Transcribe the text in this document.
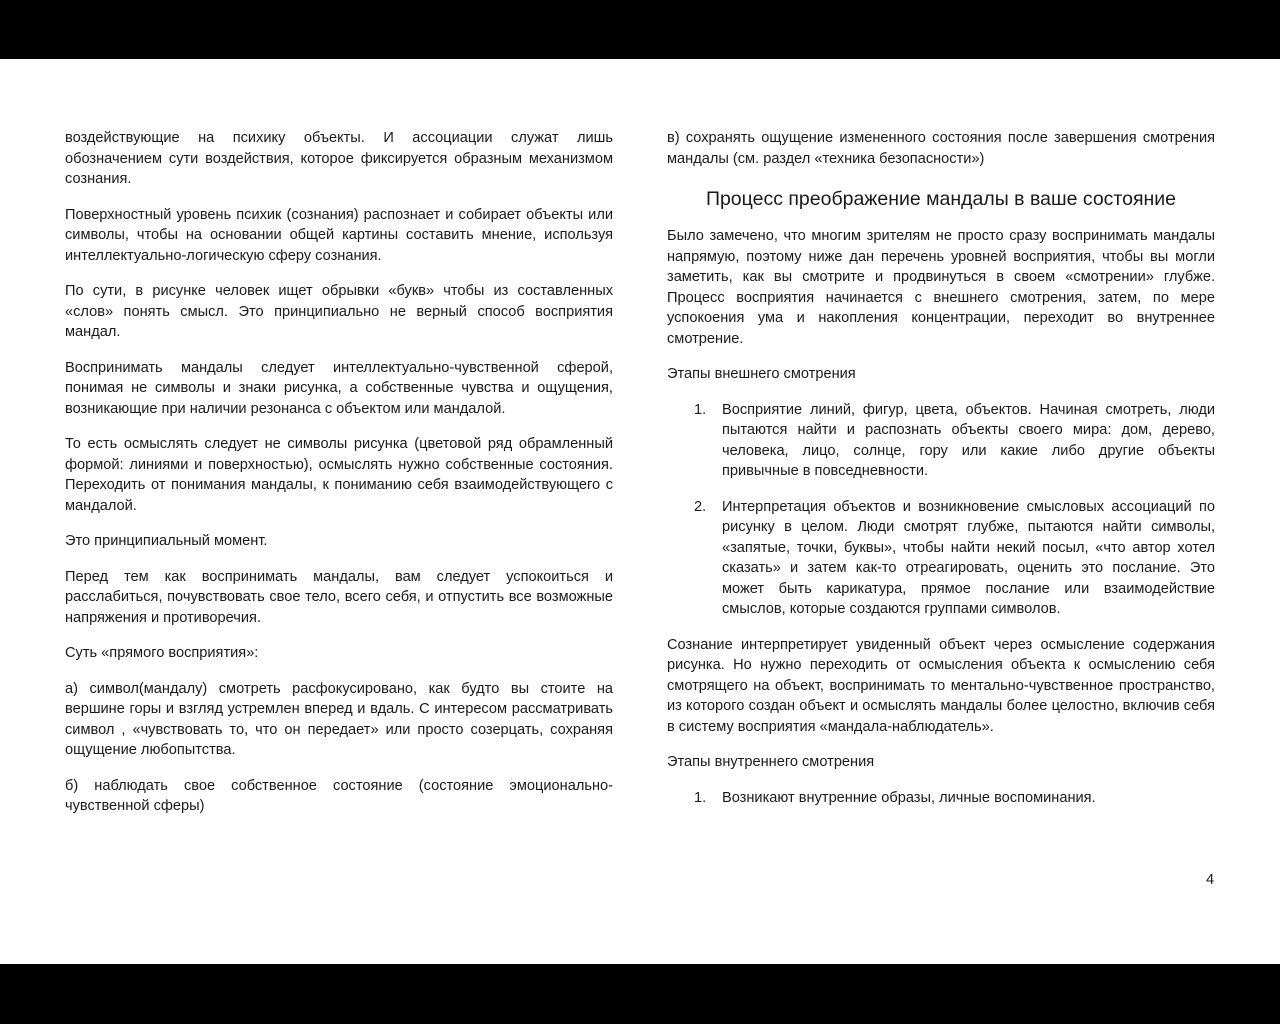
воздействующие на психику объекты. И ассоциации служат лишь обозначением сути воздействия, которое фиксируется образным механизмом сознания.

Поверхностный уровень психик (сознания) распознает и собирает объекты или символы, чтобы на основании общей картины составить мнение, используя интеллектуально-логическую сферу сознания.

По сути, в рисунке человек ищет обрывки «букв» чтобы из составленных «слов» понять смысл. Это принципиально не верный способ восприятия мандал.

Воспринимать мандалы следует интеллектуально-чувственной сферой, понимая не символы и знаки рисунка, а собственные чувства и ощущения, возникающие при наличии резонанса с объектом или мандалой.

То есть осмыслять следует не символы рисунка (цветовой ряд обрамленный формой: линиями и поверхностью), осмыслять нужно собственные состояния. Переходить от понимания мандалы, к пониманию себя взаимодействующего с мандалой.

Это принципиальный момент.

Перед тем как воспринимать мандалы, вам следует успокоиться и расслабиться, почувствовать свое тело, всего себя, и отпустить все возможные напряжения и противоречия.

Суть «прямого восприятия»:

а) символ(мандалу) смотреть расфокусировано, как будто вы стоите на вершине горы и взгляд устремлен вперед и вдаль. С интересом рассматривать символ , «чувствовать то, что он передает» или просто созерцать, сохраняя ощущение любопытства.

б) наблюдать свое собственное состояние (состояние эмоционально-чувственной сферы)

в) сохранять ощущение измененного состояния после завершения смотрения мандалы (см. раздел «техника безопасности»)

Процесс преображение мандалы в ваше состояние

Было замечено, что многим зрителям не просто сразу воспринимать мандалы напрямую, поэтому ниже дан перечень уровней восприятия, чтобы вы могли заметить, как вы смотрите и продвинуться в своем «смотрении» глубже. Процесс восприятия начинается с внешнего смотрения, затем, по мере успокоения ума и накопления концентрации, переходит во внутреннее смотрение.

Этапы внешнего смотрения

1. Восприятие линий, фигур, цвета, объектов. Начиная смотреть, люди пытаются найти и распознать объекты своего мира: дом, дерево, человека, лицо, солнце, гору или какие либо другие объекты привычные в повседневности.
2. Интерпретация объектов и возникновение смысловых ассоциаций по рисунку в целом. Люди смотрят глубже, пытаются найти символы, «запятые, точки, буквы», чтобы найти некий посыл, «что автор хотел сказать» и затем как-то отреагировать, оценить это послание. Это может быть карикатура, прямое послание или взаимодействие смыслов, которые создаются группами символов.

Сознание интерпретирует увиденный объект через осмысление содержания рисунка. Но нужно переходить от осмысления объекта к осмыслению себя смотрящего на объект, воспринимать то ментально-чувственное пространство, из которого создан объект и осмыслять мандалы более целостно, включив себя в систему восприятия «мандала-наблюдатель».

Этапы внутреннего смотрения

1. Возникают внутренние образы, личные воспоминания.
4
